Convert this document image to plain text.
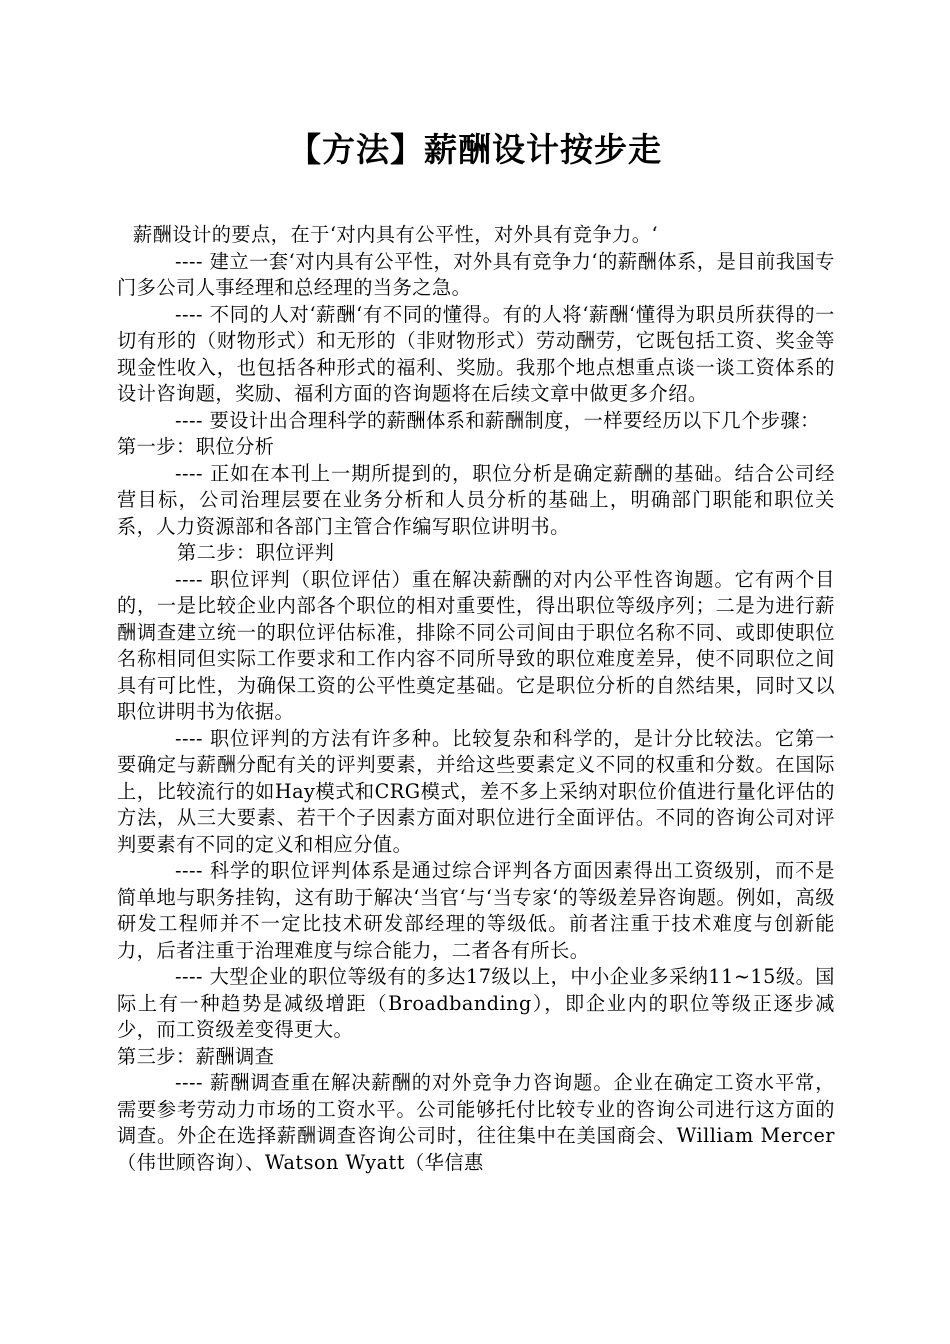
【方法】薪酬设计按步走

薪酬设计的要点，在于‘对内具有公平性，对外具有竞争力。‘

---- 建立一套‘对内具有公平性，对外具有竞争力‘的薪酬体系，是目前我国专门多公司人事经理和总经理的当务之急。

---- 不同的人对‘薪酬‘有不同的懂得。有的人将‘薪酬‘懂得为职员所获得的一切有形的（财物形式）和无形的（非财物形式）劳动酬劳，它既包括工资、奖金等现金性收入，也包括各种形式的福利、奖励。我那个地点想重点谈一谈工资体系的设计咨询题，奖励、福利方面的咨询题将在后续文章中做更多介绍。

---- 要设计出合理科学的薪酬体系和薪酬制度，一样要经历以下几个步骤：

第一步：职位分析

---- 正如在本刊上一期所提到的，职位分析是确定薪酬的基础。结合公司经营目标，公司治理层要在业务分析和人员分析的基础上，明确部门职能和职位关系，人力资源部和各部门主管合作编写职位讲明书。

第二步：职位评判

---- 职位评判（职位评估）重在解决薪酬的对内公平性咨询题。它有两个目的，一是比较企业内部各个职位的相对重要性，得出职位等级序列；二是为进行薪酬调查建立统一的职位评估标准，排除不同公司间由于职位名称不同、或即使职位名称相同但实际工作要求和工作内容不同所导致的职位难度差异，使不同职位之间具有可比性，为确保工资的公平性奠定基础。它是职位分析的自然结果，同时又以职位讲明书为依据。

---- 职位评判的方法有许多种。比较复杂和科学的，是计分比较法。它第一要确定与薪酬分配有关的评判要素，并给这些要素定义不同的权重和分数。在国际上，比较流行的如Hay模式和CRG模式，差不多上采纳对职位价值进行量化评估的方法，从三大要素、若干个子因素方面对职位进行全面评估。不同的咨询公司对评判要素有不同的定义和相应分值。

---- 科学的职位评判体系是通过综合评判各方面因素得出工资级别，而不是简单地与职务挂钩，这有助于解决‘当官‘与‘当专家‘的等级差异咨询题。例如，高级研发工程师并不一定比技术研发部经理的等级低。前者注重于技术难度与创新能力，后者注重于治理难度与综合能力，二者各有所长。

---- 大型企业的职位等级有的多达17级以上，中小企业多采纳11~15级。国际上有一种趋势是减级增距（Broadbanding），即企业内的职位等级正逐步减少，而工资级差变得更大。

第三步：薪酬调查

---- 薪酬调查重在解决薪酬的对外竞争力咨询题。企业在确定工资水平常，需要参考劳动力市场的工资水平。公司能够托付比较专业的咨询公司进行这方面的调查。外企在选择薪酬调查咨询公司时，往往集中在美国商会、William Mercer（伟世顾咨询）、Watson Wyatt（华信惠
